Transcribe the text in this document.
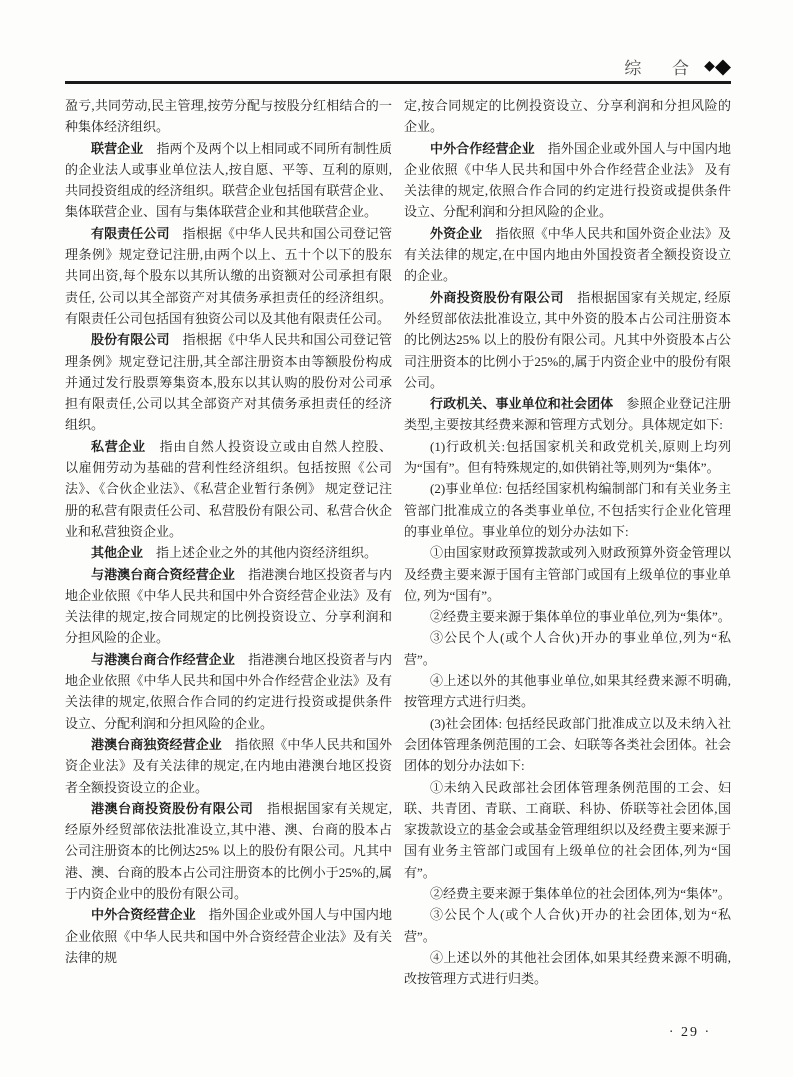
综 合 ◆◆

盈亏,共同劳动,民主管理,按劳分配与按股分红相结合的一种集体经济组织。

联营企业　指两个及两个以上相同或不同所有制性质的企业法人或事业单位法人,按自愿、平等、互利的原则,共同投资组成的经济组织。联营企业包括国有联营企业、集体联营企业、国有与集体联营企业和其他联营企业。

有限责任公司　指根据《中华人民共和国公司登记管理条例》规定登记注册,由两个以上、五十个以下的股东共同出资,每个股东以其所认缴的出资额对公司承担有限责任, 公司以其全部资产对其债务承担责任的经济组织。有限责任公司包括国有独资公司以及其他有限责任公司。

股份有限公司　指根据《中华人民共和国公司登记管理条例》规定登记注册,其全部注册资本由等额股份构成并通过发行股票筹集资本,股东以其认购的股份对公司承担有限责任,公司以其全部资产对其债务承担责任的经济组织。

私营企业　指由自然人投资设立或由自然人控股、 以雇佣劳动为基础的营利性经济组织。包括按照《公司法》、《合伙企业法》、《私营企业暂行条例》 规定登记注册的私营有限责任公司、私营股份有限公司、私营合伙企业和私营独资企业。

其他企业　指上述企业之外的其他内资经济组织。

与港澳台商合资经营企业　指港澳台地区投资者与内地企业依照《中华人民共和国中外合资经营企业法》及有关法律的规定,按合同规定的比例投资设立、分享利润和分担风险的企业。

与港澳台商合作经营企业　指港澳台地区投资者与内地企业依照《中华人民共和国中外合作经营企业法》及有关法律的规定,依照合作合同的约定进行投资或提供条件设立、分配利润和分担风险的企业。

港澳台商独资经营企业　指依照《中华人民共和国外资企业法》及有关法律的规定,在内地由港澳台地区投资者全额投资设立的企业。

港澳台商投资股份有限公司　指根据国家有关规定, 经原外经贸部依法批准设立,其中港、澳、台商的股本占公司注册资本的比例达25% 以上的股份有限公司。凡其中港、澳、台商的股本占公司注册资本的比例小于25%的,属于内资企业中的股份有限公司。

中外合资经营企业　指外国企业或外国人与中国内地企业依照《中华人民共和国中外合资经营企业法》及有关法律的规

定,按合同规定的比例投资设立、分享利润和分担风险的企业。

中外合作经营企业　指外国企业或外国人与中国内地企业依照《中华人民共和国中外合作经营企业法》 及有关法律的规定,依照合作合同的约定进行投资或提供条件设立、分配利润和分担风险的企业。

外资企业　指依照《中华人民共和国外资企业法》及有关法律的规定,在中国内地由外国投资者全额投资设立的企业。

外商投资股份有限公司　指根据国家有关规定, 经原外经贸部依法批准设立, 其中外资的股本占公司注册资本的比例达25% 以上的股份有限公司。凡其中外资股本占公司注册资本的比例小于25%的,属于内资企业中的股份有限公司。

行政机关、事业单位和社会团体　参照企业登记注册类型,主要按其经费来源和管理方式划分。具体规定如下:

(1)行政机关:包括国家机关和政党机关,原则上均列为“国有”。但有特殊规定的,如供销社等,则列为“集体”。

(2)事业单位: 包括经国家机构编制部门和有关业务主管部门批准成立的各类事业单位, 不包括实行企业化管理的事业单位。事业单位的划分办法如下:

①由国家财政预算拨款或列入财政预算外资金管理以及经费主要来源于国有主管部门或国有上级单位的事业单位, 列为“国有”。

②经费主要来源于集体单位的事业单位,列为“集体”。

③公民个人(或个人合伙)开办的事业单位,列为“私营”。

④上述以外的其他事业单位,如果其经费来源不明确,按管理方式进行归类。

(3)社会团体: 包括经民政部门批准成立以及未纳入社会团体管理条例范围的工会、妇联等各类社会团体。社会团体的划分办法如下:

①未纳入民政部社会团体管理条例范围的工会、妇联、共青团、青联、工商联、科协、侨联等社会团体,国家拨款设立的基金会或基金管理组织以及经费主要来源于国有业务主管部门或国有上级单位的社会团体,列为“国有”。

②经费主要来源于集体单位的社会团体,列为“集体”。

③公民个人(或个人合伙)开办的社会团体,划为“私营”。

④上述以外的其他社会团体,如果其经费来源不明确,改按管理方式进行归类。

· 29 ·
